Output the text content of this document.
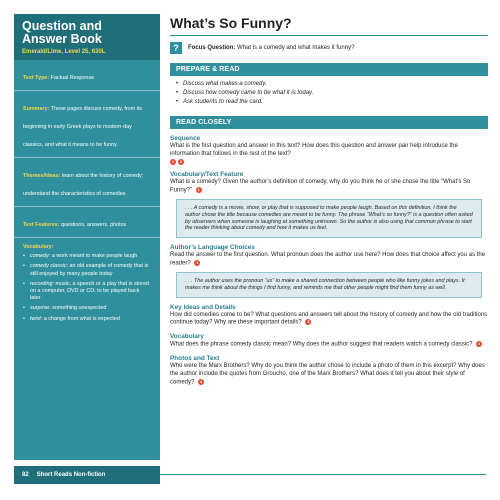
Question and
Answer Book
Emerald/Lime, Level 25, 630L
Text Type: Factual Response
Summary: These pages discuss comedy, from its beginning in early Greek plays to modern-day classics, and what it means to be funny.
Themes/Ideas: learn about the history of comedy; understand the characteristics of comedies
Text Features: questions, answers, photos
Vocabulary:
• comedy: a work meant to make people laugh
• comedy classic: an old example of comedy that is still enjoyed by many people today
• recording: music, a speech or a play that is stored on a computer, DVD or CD, to be played back later
• surprise: something unexpected
• twist: a change from what is expected
82 Short Reads Non-fiction
What’s So Funny?
?	Focus Question: What is a comedy and what makes it funny?
PREPARE & READ
• Discuss what makes a comedy.
• Discuss how comedy came to be what it is today.
• Ask students to read the card.
READ CLOSELY
Sequence
What is the first question and answer in this text? How does this question and answer pair help introduce the information that follows in the rest of the text?
1	2
Vocabulary/Text Feature
What is a comedy? Given the author’s definition of comedy, why do you think he or she chose the title “What’s So Funny?”	1
. . . A comedy is a movie, show, or play that is supposed to make people laugh. Based on this definition, I think the author chose the title because comedies are meant to be funny. The phrase “What’s so funny?” is a question often asked by observers when someone is laughing at something unknown. So the author is also using that common phrase to start the reader thinking about comedy and how it makes us feel.
Author’s Language Choices
Read the answer to the first question. What pronoun does the author use here? How does that choice affect you as the reader?	1
. . . The author uses the pronoun “us” to make a shared connection between people who like funny jokes and plays. It makes me think about the things I find funny, and reminds me that other people might find them funny as well.
Key Ideas and Details
How did comedies come to be? What questions and answers tell about the history of comedy and how the old traditions continue today? Why are these important details?	3
Vocabulary
What does the phrase comedy classic mean? Why does the author suggest that readers watch a comedy classic?	4
Photos and Text
Who were the Marx Brothers? Why do you think the author chose to include a photo of them in this excerpt? Why does the author include the quotes from Groucho, one of the Marx Brothers? What does it tell you about their style of comedy?	4
